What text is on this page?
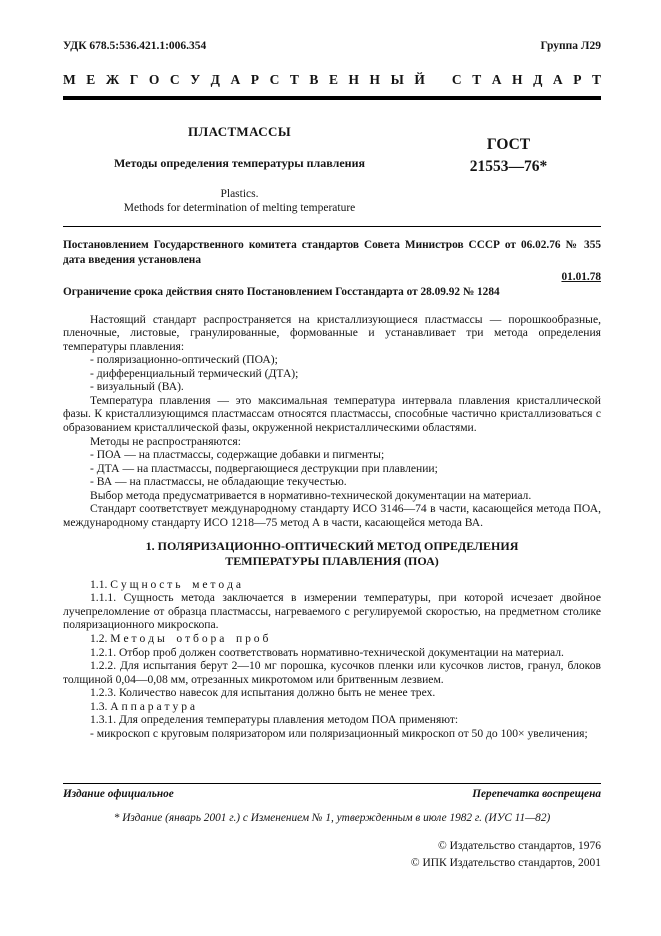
УДК 678.5:536.421.1:006.354	Группа Л29
М Е Ж Г О С У Д А Р С Т В Е Н Н Ы Й  С Т А Н Д А Р Т
ПЛАСТМАССЫ
Методы определения температуры плавления
Plastics.
Methods for determination of melting temperature
ГОСТ
21553—76*
Постановлением Государственного комитета стандартов Совета Министров СССР от 06.02.76 № 355 дата введения установлена
01.01.78
Ограничение срока действия снято Постановлением Госстандарта от 28.09.92 № 1284

Настоящий стандарт распространяется на кристаллизующиеся пластмассы — порошкообразные, пленочные, листовые, гранулированные, формованные и устанавливает три метода определения температуры плавления:

- поляризационно-оптический (ПОА);

- дифференциальный термический (ДТА);

- визуальный (ВА).

Температура плавления — это максимальная температура интервала плавления кристаллической фазы. К кристаллизующимся пластмассам относятся пластмассы, способные частично кристаллизоваться с образованием кристаллической фазы, окруженной некристаллическими областями.

Методы не распространяются:

- ПОА — на пластмассы, содержащие добавки и пигменты;

- ДТА — на пластмассы, подвергающиеся деструкции при плавлении;

- ВА — на пластмассы, не обладающие текучестью.

Выбор метода предусматривается в нормативно-технической документации на материал.

Стандарт соответствует международному стандарту ИСО 3146—74 в части, касающейся метода ПОА, международному стандарту ИСО 1218—75 метод А в части, касающейся метода ВА.

1. ПОЛЯРИЗАЦИОННО-ОПТИЧЕСКИЙ МЕТОД ОПРЕДЕЛЕНИЯ
ТЕМПЕРАТУРЫ ПЛАВЛЕНИЯ (ПОА)

1.1. С у щ н о с т ь м е т о д а

1.1.1. Сущность метода заключается в измерении температуры, при которой исчезает двойное лучепреломление от образца пластмассы, нагреваемого с регулируемой скоростью, на предметном столике поляризационного микроскопа.

1.2. М е т о д ы о т б о р а п р о б

1.2.1. Отбор проб должен соответствовать нормативно-технической документации на материал.

1.2.2. Для испытания берут 2—10 мг порошка, кусочков пленки или кусочков листов, гранул, блоков толщиной 0,04—0,08 мм, отрезанных микротомом или бритвенным лезвием.

1.2.3. Количество навесок для испытания должно быть не менее трех.

1.3. А п п а р а т у р а

1.3.1. Для определения температуры плавления методом ПОА применяют:

- микроскоп с круговым поляризатором или поляризационный микроскоп от 50 до 100× увеличения;

Издание официальное	Перепечатка воспрещена
* Издание (январь 2001 г.) с Изменением № 1, утвержденным в июле 1982 г. (ИУС 11—82)
© Издательство стандартов, 1976
© ИПК Издательство стандартов, 2001
